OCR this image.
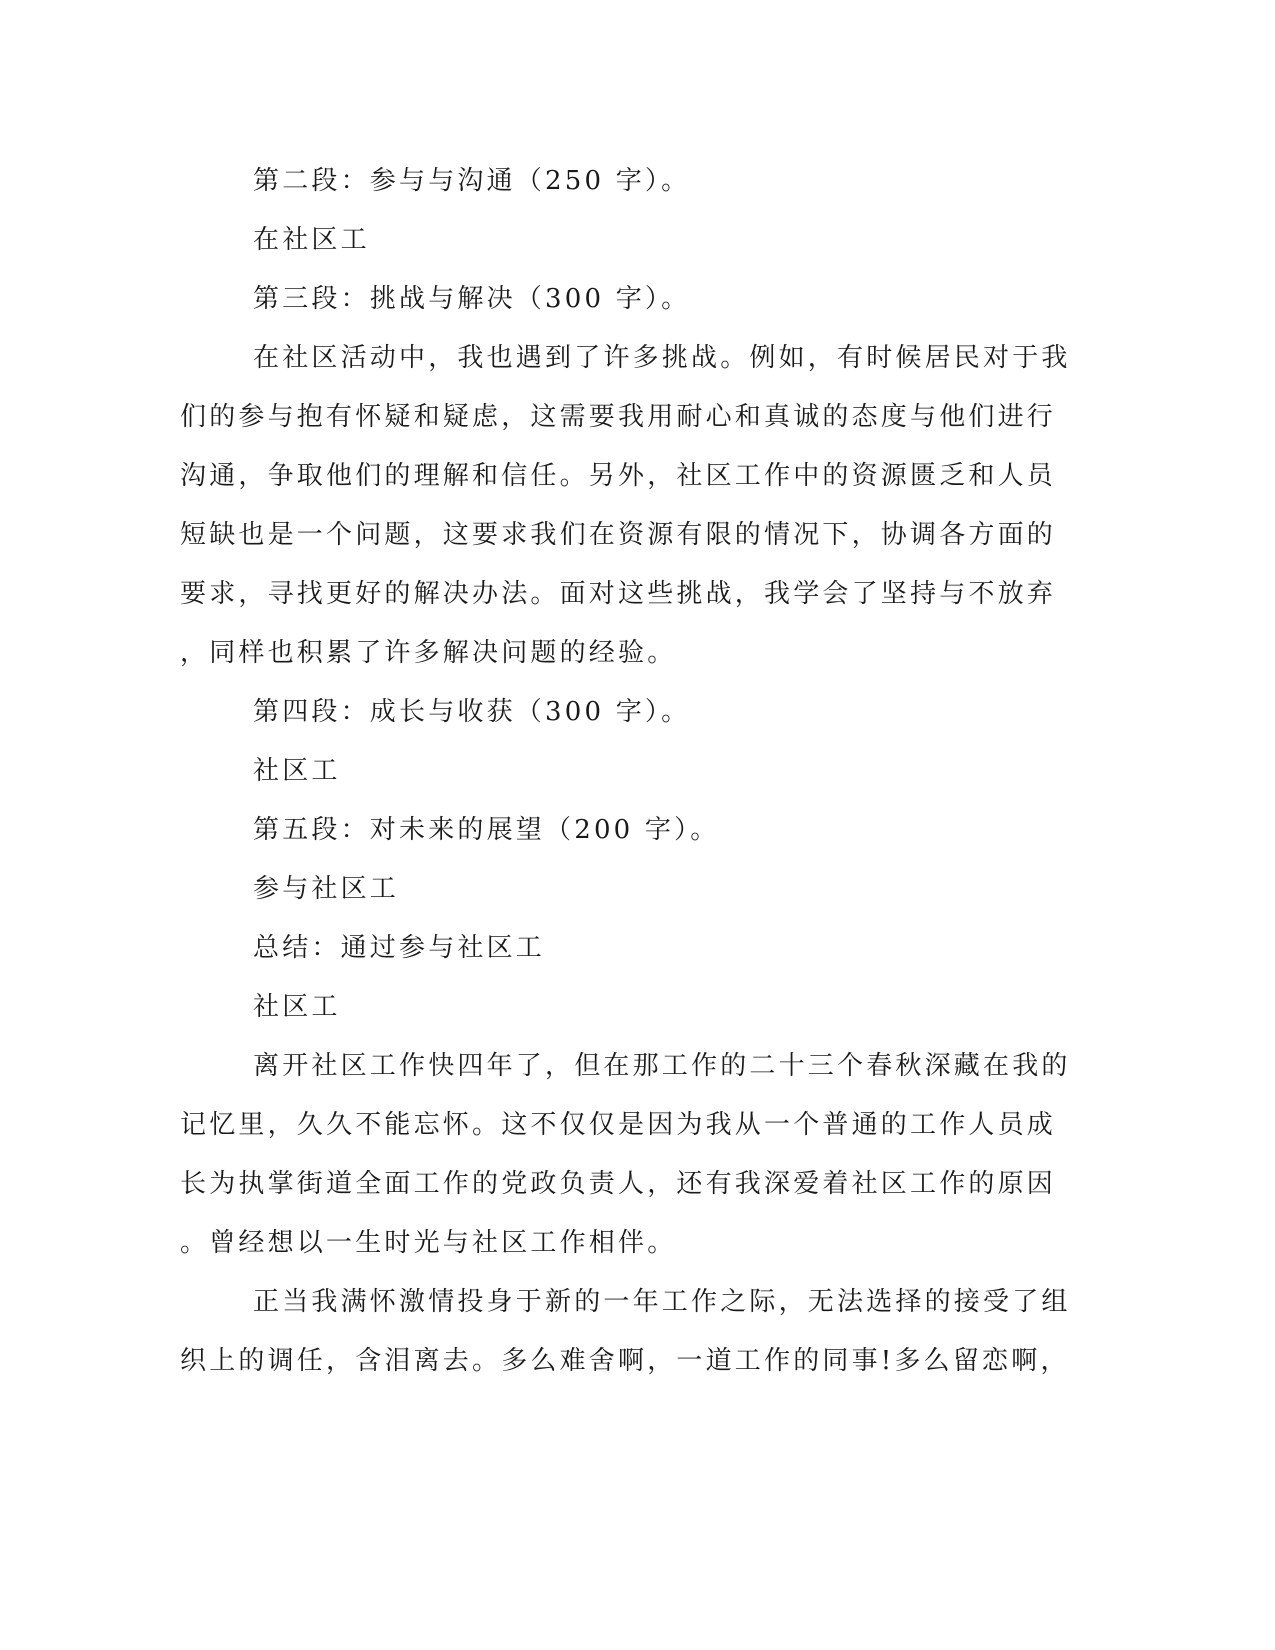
第二段：参与与沟通（250 字）。
在社区工
第三段：挑战与解决（300 字）。
在社区活动中，我也遇到了许多挑战。例如，有时候居民对于我
们的参与抱有怀疑和疑虑，这需要我用耐心和真诚的态度与他们进行
沟通，争取他们的理解和信任。另外，社区工作中的资源匮乏和人员
短缺也是一个问题，这要求我们在资源有限的情况下，协调各方面的
要求，寻找更好的解决办法。面对这些挑战，我学会了坚持与不放弃
，同样也积累了许多解决问题的经验。
第四段：成长与收获（300 字）。
社区工
第五段：对未来的展望（200 字）。
参与社区工
总结：通过参与社区工
社区工
离开社区工作快四年了，但在那工作的二十三个春秋深藏在我的
记忆里，久久不能忘怀。这不仅仅是因为我从一个普通的工作人员成
长为执掌街道全面工作的党政负责人，还有我深爱着社区工作的原因
。曾经想以一生时光与社区工作相伴。
正当我满怀激情投身于新的一年工作之际，无法选择的接受了组
织上的调任，含泪离去。多么难舍啊，一道工作的同事!多么留恋啊，
